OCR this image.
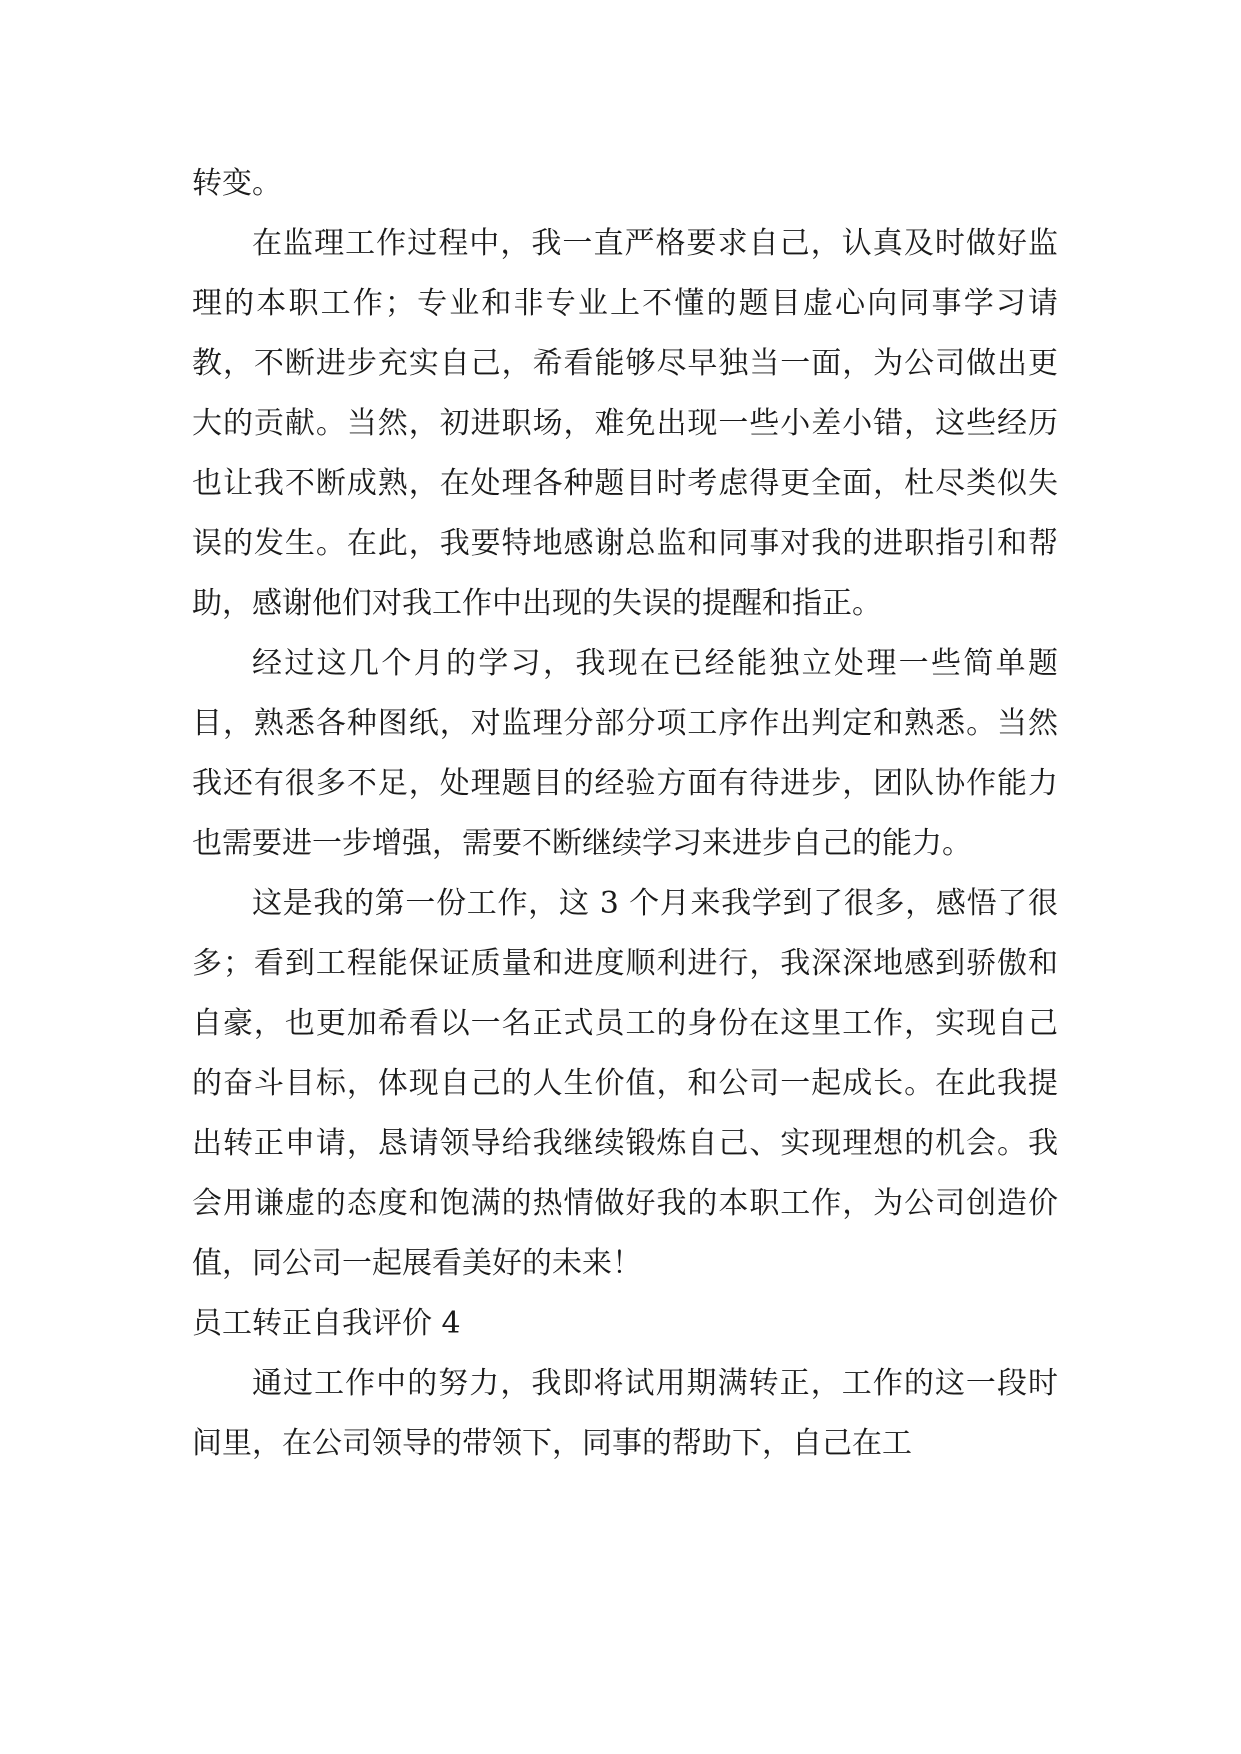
转变。

在监理工作过程中，我一直严格要求自己，认真及时做好监理的本职工作；专业和非专业上不懂的题目虚心向同事学习请教，不断进步充实自己，希看能够尽早独当一面，为公司做出更大的贡献。当然，初进职场，难免出现一些小差小错，这些经历也让我不断成熟，在处理各种题目时考虑得更全面，杜尽类似失误的发生。在此，我要特地感谢总监和同事对我的进职指引和帮助，感谢他们对我工作中出现的失误的提醒和指正。

经过这几个月的学习，我现在已经能独立处理一些简单题目，熟悉各种图纸，对监理分部分项工序作出判定和熟悉。当然我还有很多不足，处理题目的经验方面有待进步，团队协作能力也需要进一步增强，需要不断继续学习来进步自己的能力。

这是我的第一份工作，这 3 个月来我学到了很多，感悟了很多；看到工程能保证质量和进度顺利进行，我深深地感到骄傲和自豪，也更加希看以一名正式员工的身份在这里工作，实现自己的奋斗目标，体现自己的人生价值，和公司一起成长。在此我提出转正申请，恳请领导给我继续锻炼自己、实现理想的机会。我会用谦虚的态度和饱满的热情做好我的本职工作，为公司创造价值，同公司一起展看美好的未来！

员工转正自我评价 4

通过工作中的努力，我即将试用期满转正，工作的这一段时间里，在公司领导的带领下，同事的帮助下，自己在工
